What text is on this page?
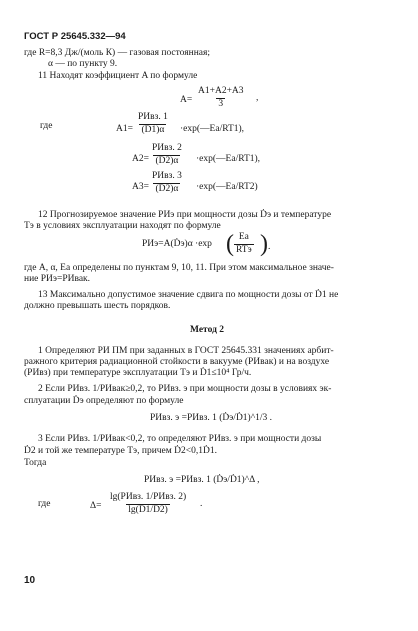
ГОСТ Р 25645.332—94
где R=8,3 Дж/(моль К) — газовая постоянная;
α — по пункту 9.
11 Находят коэффициент A по формуле
$A= \frac{A1+A2+A3}{3}$ ,
где	A1=
РИвз. 1
(Ḋ1)α ·exp(—Eа/RT1),
A2=
РИвз. 2
(Ḋ2)α ·exp(—Eа/RT1),
A3=
РИвз. 3
(Ḋ2)α ·exp(—Eа/RT2)
12 Прогнозируемое значение РИэ при мощности дозы Ḋэ и температуре
Tэ в условиях эксплуатации находят по формуле
РИэ=A(Ḋэ)α ·exp ( Eа
RTэ ) .
где A, α, Eа определены по пунктам 9, 10, 11. При этом максимальное значе-
ние РИэ=РИвак.
13 Максимально допустимое значение сдвига по мощности дозы от Ḋ1 не
должно превышать шесть порядков.
Метод 2
1 Определяют РИ ПМ при заданных в ГОСТ 25645.331 значениях арбит-
ражного критерия радиационной стойкости в вакууме (РИвак) и на воздухе
(РИвз) при температуре эксплуатации Tэ и Ḋ1≤10⁴ Гр/ч.
2 Если РИвз. 1/РИвак≥0,2, то РИвз. э при мощности дозы в условиях эк-
сплуатации Ḋэ определяют по формуле
РИвз. э =РИвз. 1 (Ḋэ/Ḋ1)^1/3 .
3 Если РИвз. 1/РИвак<0,2, то определяют РИвз. э при мощности дозы
Ḋ2 и той же температуре Tэ, причем Ḋ2<0,1Ḋ1.
Тогда
РИвз. э =РИвз. 1 (Ḋэ/Ḋ1)^Δ ,
где	Δ=
lg(РИвз. 1/РИвз. 2)
lg(Ḋ1/Ḋ2)
.
10
